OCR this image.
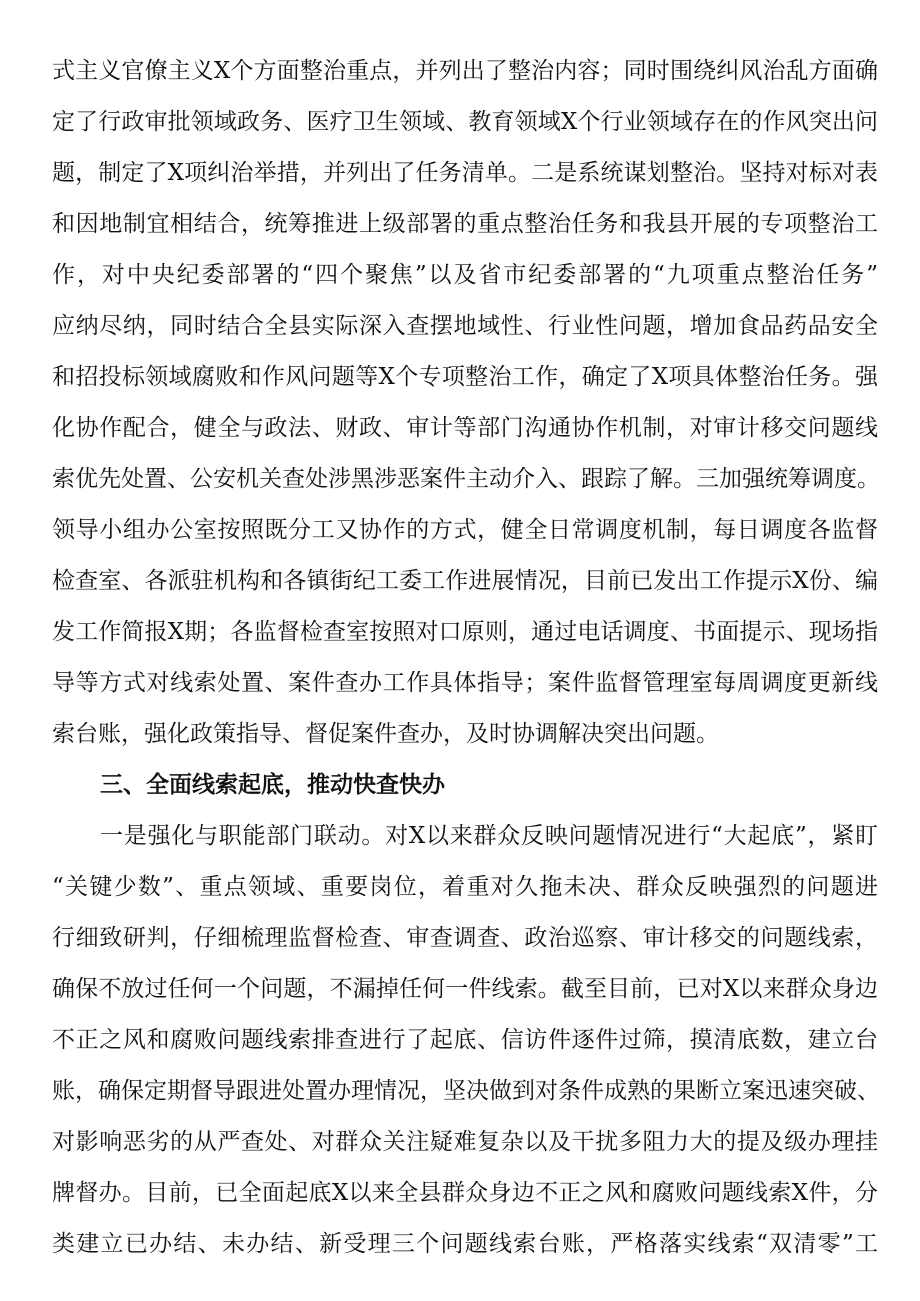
式主义官僚主义X个方面整治重点，并列出了整治内容；同时围绕纠风治乱方面确
定了行政审批领域政务、医疗卫生领域、教育领域X个行业领域存在的作风突出问
题，制定了X项纠治举措，并列出了任务清单。二是系统谋划整治。坚持对标对表
和因地制宜相结合，统筹推进上级部署的重点整治任务和我县开展的专项整治工
作，对中央纪委部署的“四个聚焦”以及省市纪委部署的“九项重点整治任务”
应纳尽纳，同时结合全县实际深入查摆地域性、行业性问题，增加食品药品安全
和招投标领域腐败和作风问题等X个专项整治工作，确定了X项具体整治任务。强
化协作配合，健全与政法、财政、审计等部门沟通协作机制，对审计移交问题线
索优先处置、公安机关查处涉黑涉恶案件主动介入、跟踪了解。三加强统筹调度。
领导小组办公室按照既分工又协作的方式，健全日常调度机制，每日调度各监督
检查室、各派驻机构和各镇街纪工委工作进展情况，目前已发出工作提示X份、编
发工作简报X期；各监督检查室按照对口原则，通过电话调度、书面提示、现场指
导等方式对线索处置、案件查办工作具体指导；案件监督管理室每周调度更新线
索台账，强化政策指导、督促案件查办，及时协调解决突出问题。
三、全面线索起底，推动快查快办
一是强化与职能部门联动。对X以来群众反映问题情况进行“大起底”，紧盯
“关键少数”、重点领域、重要岗位，着重对久拖未决、群众反映强烈的问题进
行细致研判，仔细梳理监督检查、审查调查、政治巡察、审计移交的问题线索，
确保不放过任何一个问题，不漏掉任何一件线索。截至目前，已对X以来群众身边
不正之风和腐败问题线索排查进行了起底、信访件逐件过筛，摸清底数，建立台
账，确保定期督导跟进处置办理情况，坚决做到对条件成熟的果断立案迅速突破、
对影响恶劣的从严查处、对群众关注疑难复杂以及干扰多阻力大的提及级办理挂
牌督办。目前，已全面起底X以来全县群众身边不正之风和腐败问题线索X件，分
类建立已办结、未办结、新受理三个问题线索台账，严格落实线索“双清零”工
